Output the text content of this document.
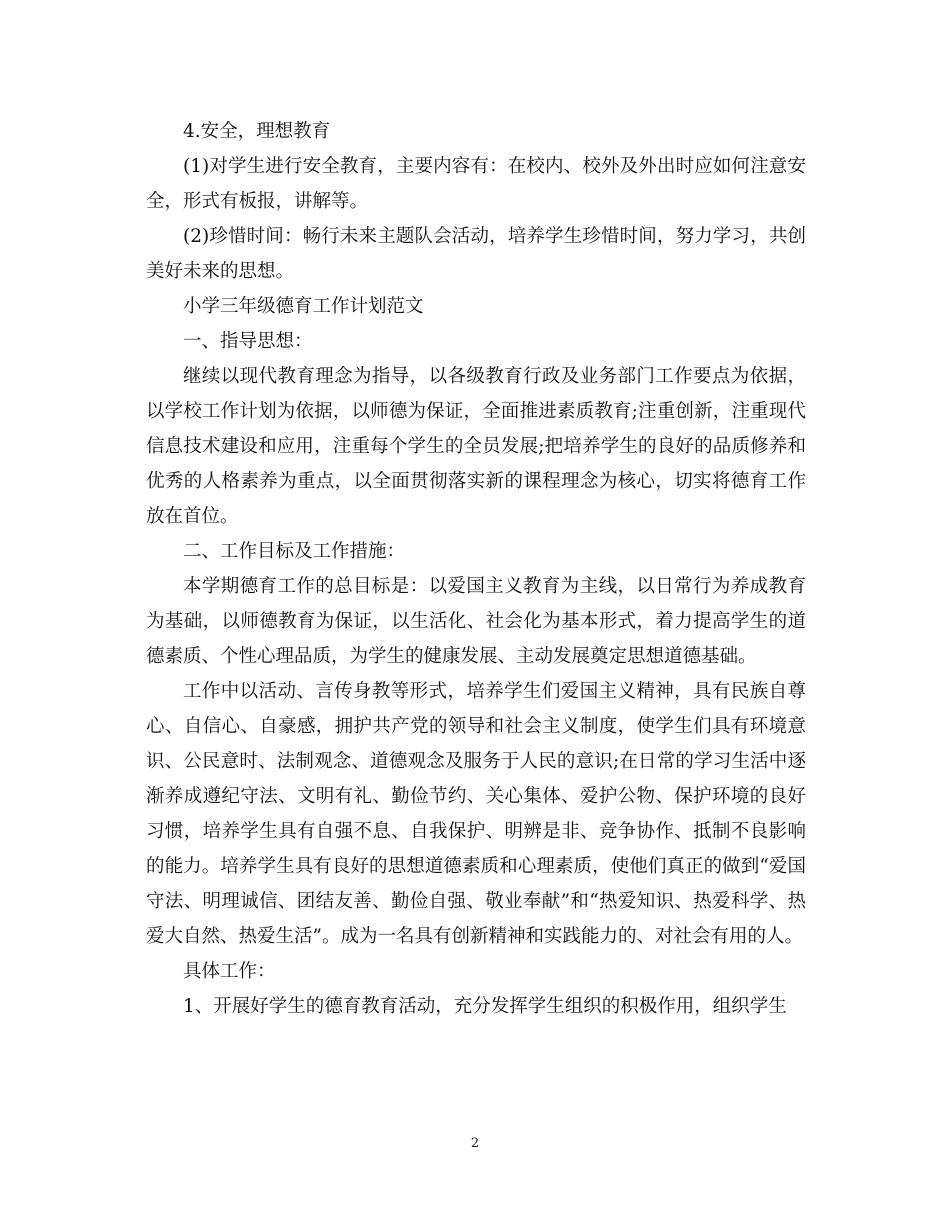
4.安全，理想教育

(1)对学生进行安全教育，主要内容有：在校内、校外及外出时应如何注意安全，形式有板报，讲解等。

(2)珍惜时间：畅行未来主题队会活动，培养学生珍惜时间，努力学习，共创美好未来的思想。

小学三年级德育工作计划范文

一、指导思想：

继续以现代教育理念为指导，以各级教育行政及业务部门工作要点为依据，以学校工作计划为依据，以师德为保证，全面推进素质教育;注重创新，注重现代信息技术建设和应用，注重每个学生的全员发展;把培养学生的良好的品质修养和优秀的人格素养为重点，以全面贯彻落实新的课程理念为核心，切实将德育工作放在首位。

二、工作目标及工作措施：

本学期德育工作的总目标是：以爱国主义教育为主线，以日常行为养成教育为基础，以师德教育为保证，以生活化、社会化为基本形式，着力提高学生的道德素质、个性心理品质，为学生的健康发展、主动发展奠定思想道德基础。

工作中以活动、言传身教等形式，培养学生们爱国主义精神，具有民族自尊心、自信心、自豪感，拥护共产党的领导和社会主义制度，使学生们具有环境意识、公民意时、法制观念、道德观念及服务于人民的意识;在日常的学习生活中逐渐养成遵纪守法、文明有礼、勤俭节约、关心集体、爱护公物、保护环境的良好习惯，培养学生具有自强不息、自我保护、明辨是非、竞争协作、抵制不良影响的能力。培养学生具有良好的思想道德素质和心理素质，使他们真正的做到“爱国守法、明理诚信、团结友善、勤俭自强、敬业奉献”和“热爱知识、热爱科学、热爱大自然、热爱生活”。成为一名具有创新精神和实践能力的、对社会有用的人。

具体工作：

1、开展好学生的德育教育活动，充分发挥学生组织的积极作用，组织学生

2
